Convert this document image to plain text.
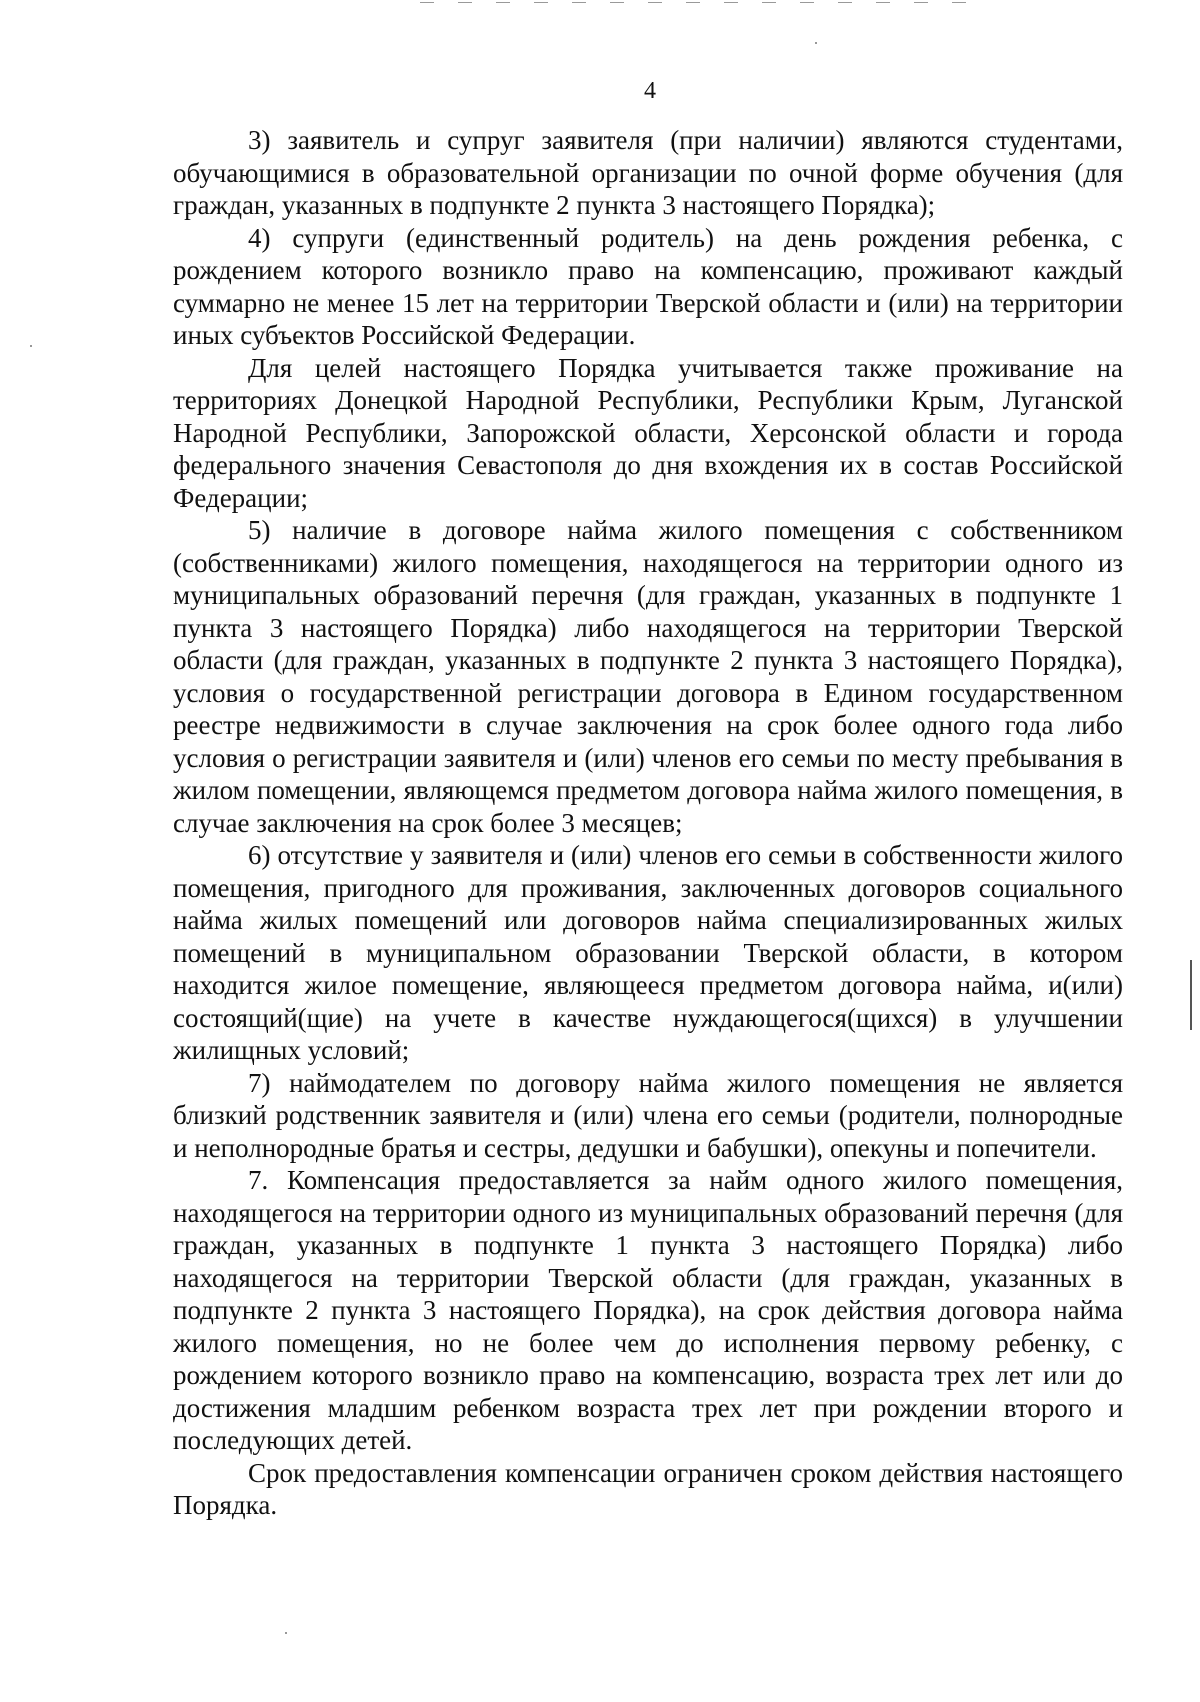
4

3) заявитель и супруг заявителя (при наличии) являются студентами, обучающимися в образовательной организации по очной форме обучения (для граждан, указанных в подпункте 2 пункта 3 настоящего Порядка);

4) супруги (единственный родитель) на день рождения ребенка, с рождением которого возникло право на компенсацию, проживают каждый суммарно не менее 15 лет на территории Тверской области и (или) на территории иных субъектов Российской Федерации.

Для целей настоящего Порядка учитывается также проживание на территориях Донецкой Народной Республики, Республики Крым, Луганской Народной Республики, Запорожской области, Херсонской области и города федерального значения Севастополя до дня вхождения их в состав Российской Федерации;

5) наличие в договоре найма жилого помещения с собственником (собственниками) жилого помещения, находящегося на территории одного из муниципальных образований перечня (для граждан, указанных в подпункте 1 пункта 3 настоящего Порядка) либо находящегося на территории Тверской области (для граждан, указанных в подпункте 2 пункта 3 настоящего Порядка), условия о государственной регистрации договора в Едином государственном реестре недвижимости в случае заключения на срок более одного года либо условия о регистрации заявителя и (или) членов его семьи по месту пребывания в жилом помещении, являющемся предметом договора найма жилого помещения, в случае заключения на срок более 3 месяцев;

6) отсутствие у заявителя и (или) членов его семьи в собственности жилого помещения, пригодного для проживания, заключенных договоров социального найма жилых помещений или договоров найма специализированных жилых помещений в муниципальном образовании Тверской области, в котором находится жилое помещение, являющееся предметом договора найма, и(или) состоящий(щие) на учете в качестве нуждающегося(щихся) в улучшении жилищных условий;

7) наймодателем по договору найма жилого помещения не является близкий родственник заявителя и (или) члена его семьи (родители, полнородные и неполнородные братья и сестры, дедушки и бабушки), опекуны и попечители.

7. Компенсация предоставляется за найм одного жилого помещения, находящегося на территории одного из муниципальных образований перечня (для граждан, указанных в подпункте 1 пункта 3 настоящего Порядка) либо находящегося на территории Тверской области (для граждан, указанных в подпункте 2 пункта 3 настоящего Порядка), на срок действия договора найма жилого помещения, но не более чем до исполнения первому ребенку, с рождением которого возникло право на компенсацию, возраста трех лет или до достижения младшим ребенком возраста трех лет при рождении второго и последующих детей.

Срок предоставления компенсации ограничен сроком действия настоящего Порядка.
